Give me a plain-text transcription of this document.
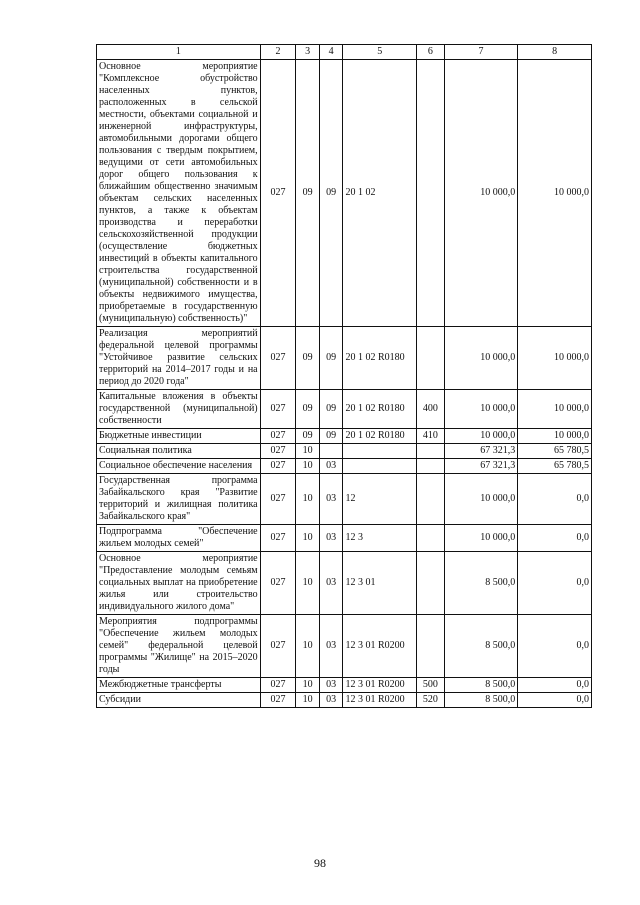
1	2	3	4	5	6	7	8
Основное мероприятие "Комплексное обустройство населенных пунктов, расположенных в сельской местности, объектами социальной и инженерной инфраструктуры, автомобильными дорогами общего пользования с твердым покрытием, ведущими от сети автомобильных дорог общего пользования к ближайшим общественно значимым объектам сельских населенных пунктов, а также к объектам производства и переработки сельскохозяйственной продукции (осуществление бюджетных инвестиций в объекты капитального строительства государственной (муниципальной) собственности и в объекты недвижимого имущества, приобретаемые в государственную (муниципальную) собственность)"	027	09	09	20 1 02		10 000,0	10 000,0
Реализация мероприятий федеральной целевой программы "Устойчивое развитие сельских территорий на 2014–2017 годы и на период до 2020 года"	027	09	09	20 1 02 R0180		10 000,0	10 000,0
Капитальные вложения в объекты государственной (муниципальной) собственности	027	09	09	20 1 02 R0180	400	10 000,0	10 000,0
Бюджетные инвестиции	027	09	09	20 1 02 R0180	410	10 000,0	10 000,0
Социальная политика	027	10				67 321,3	65 780,5
Социальное обеспечение населения	027	10	03			67 321,3	65 780,5
Государственная программа Забайкальского края "Развитие территорий и жилищная политика Забайкальского края"	027	10	03	12		10 000,0	0,0
Подпрограмма "Обеспечение жильем молодых семей"	027	10	03	12 3		10 000,0	0,0
Основное мероприятие "Предоставление молодым семьям социальных выплат на приобретение жилья или строительство индивидуального жилого дома"	027	10	03	12 3 01		8 500,0	0,0
Мероприятия подпрограммы "Обеспечение жильем молодых семей" федеральной целевой программы "Жилище" на 2015–2020 годы	027	10	03	12 3 01 R0200		8 500,0	0,0
Межбюджетные трансферты	027	10	03	12 3 01 R0200	500	8 500,0	0,0
Субсидии	027	10	03	12 3 01 R0200	520	8 500,0	0,0
98
